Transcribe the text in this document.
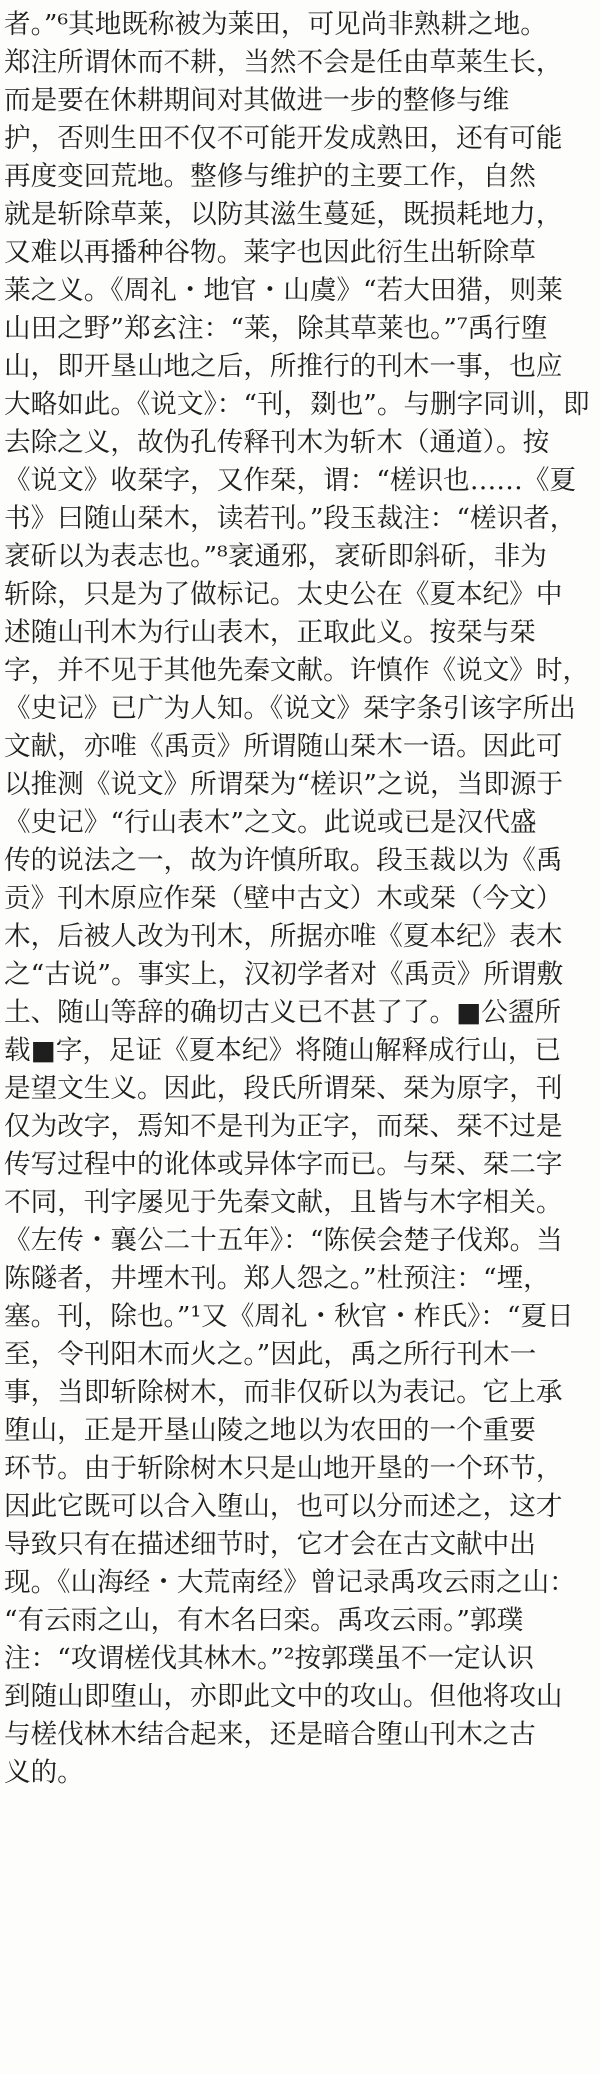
者。”⁶其地既称被为莱田，可见尚非熟耕之地。
郑注所谓休而不耕，当然不会是任由草莱生长，
而是要在休耕期间对其做进一步的整修与维
护，否则生田不仅不可能开发成熟田，还有可能
再度变回荒地。整修与维护的主要工作，自然
就是斩除草莱，以防其滋生蔓延，既损耗地力，
又难以再播种谷物。莱字也因此衍生出斩除草
莱之义。《周礼・地官・山虞》“若大田猎，则莱
山田之野”郑玄注：“莱，除其草莱也。”⁷禹行堕
山，即开垦山地之后，所推行的刊木一事，也应
大略如此。《说文》：“刊，剟也”。与删字同训，即
去除之义，故伪孔传释刊木为斩木（通道）。按
《说文》收栞字，又作栞，谓：“槎识也……《夏
书》曰随山栞木，读若刊。”段玉裁注：“槎识者，
衺斫以为表志也。”⁸衺通邪，衺斫即斜斫，非为
斩除，只是为了做标记。太史公在《夏本纪》中
述随山刊木为行山表木，正取此义。按栞与栞
字，并不见于其他先秦文献。许慎作《说文》时，
《史记》已广为人知。《说文》栞字条引该字所出
文献，亦唯《禹贡》所谓随山栞木一语。因此可
以推测《说文》所谓栞为“槎识”之说，当即源于
《史记》“行山表木”之文。此说或已是汉代盛
传的说法之一，故为许慎所取。段玉裁以为《禹
贡》刊木原应作栞（壁中古文）木或栞（今文）
木，后被人改为刊木，所据亦唯《夏本纪》表木
之“古说”。事实上，汉初学者对《禹贡》所谓敷
土、随山等辞的确切古义已不甚了了。■公盨所
载■字，足证《夏本纪》将随山解释成行山，已
是望文生义。因此，段氏所谓栞、栞为原字，刊
仅为改字，焉知不是刊为正字，而栞、栞不过是
传写过程中的讹体或异体字而已。与栞、栞二字
不同，刊字屡见于先秦文献，且皆与木字相关。
《左传・襄公二十五年》：“陈侯会楚子伐郑。当
陈隧者，井堙木刊。郑人怨之。”杜预注：“堙，
塞。刊，除也。”¹又《周礼・秋官・柞氏》：“夏日
至，令刊阳木而火之。”因此，禹之所行刊木一
事，当即斩除树木，而非仅斫以为表记。它上承
堕山，正是开垦山陵之地以为农田的一个重要
环节。由于斩除树木只是山地开垦的一个环节，
因此它既可以合入堕山，也可以分而述之，这才
导致只有在描述细节时，它才会在古文献中出
现。《山海经・大荒南经》曾记录禹攻云雨之山：
“有云雨之山，有木名曰栾。禹攻云雨。”郭璞
注：“攻谓槎伐其林木。”²按郭璞虽不一定认识
到随山即堕山，亦即此文中的攻山。但他将攻山
与槎伐林木结合起来，还是暗合堕山刊木之古
义的。
